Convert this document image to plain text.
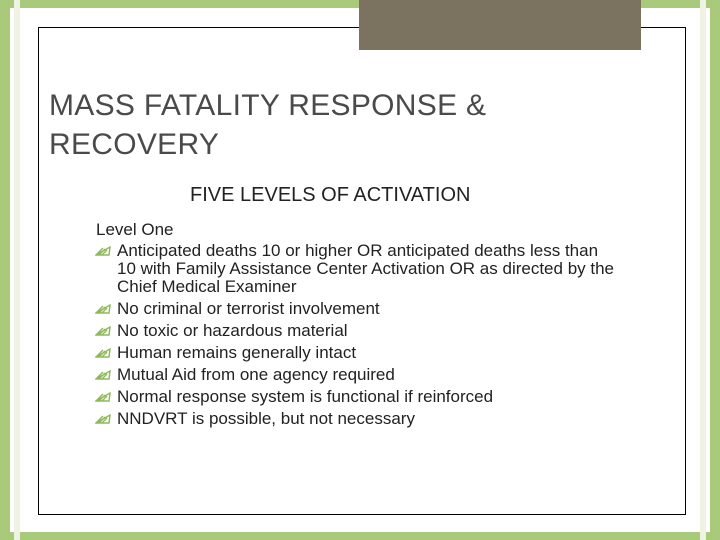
MASS FATALITY RESPONSE & RECOVERY
FIVE LEVELS OF ACTIVATION
Level One
Anticipated deaths 10 or higher OR anticipated deaths less than 10 with Family Assistance Center Activation OR as directed by the Chief Medical Examiner
No criminal or terrorist involvement
No toxic or hazardous material
Human remains generally intact
Mutual Aid from one agency required
Normal response system is functional if reinforced
NNDVRT is possible, but not necessary
